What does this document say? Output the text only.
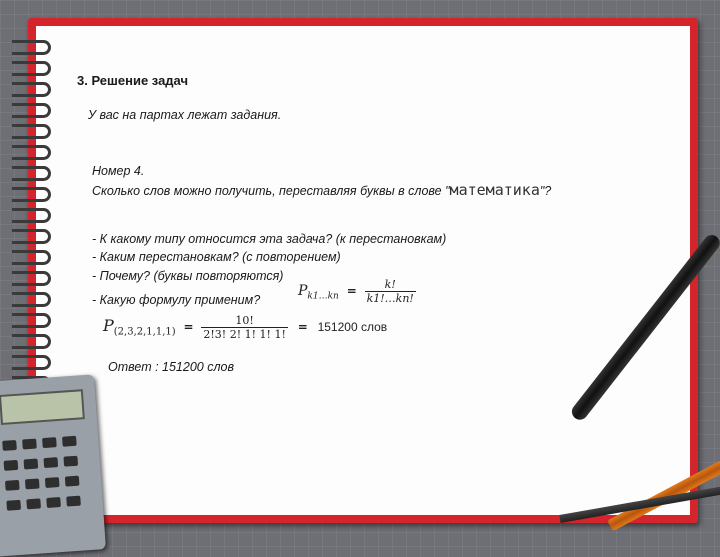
3. Решение задач
У вас на партах лежат задания.
Номер 4.
Сколько слов можно получить, переставляя буквы в слове "математика"?
- К какому типу относится эта задача? (к перестановкам)
- Каким перестановкам? (с повторением)
- Почему? (буквы повторяются)
- Какую формулу применим?
$P_{k1\dots kn} = \frac{k!}{k1!\dots kn!}$
$P_{(2,3,2,1,1,1)} = \frac{10!}{2!3! 2! 1! 1! 1!} = 151200$ слов
Ответ : 151200 слов
